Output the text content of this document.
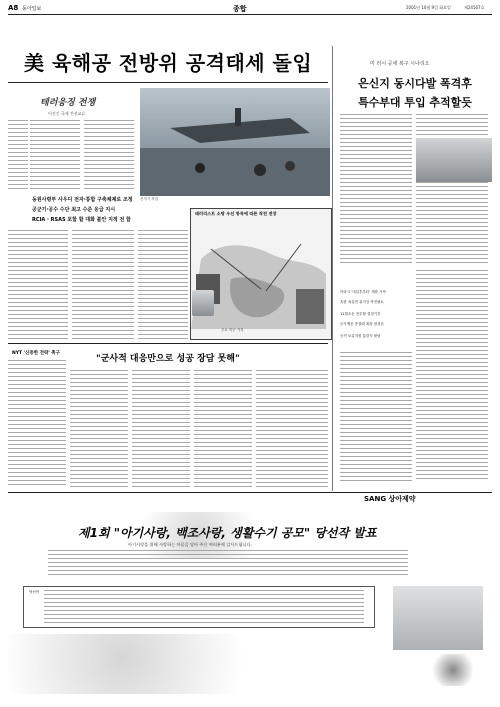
A8 동아일보	종합	2001년 10월 9일 화요일	제24567호
美 육해공 전방위 공격태세 돌입
테러응징 전쟁
이진긴 국제 전선교류
동원사령부 사우디 전자·통합 구축체제로 조정
공군기·공수 수단 최고 수준 응급 지시
RCIA · RSAS 포함 할 대화 불안 지적 전 함
진지기 작업
테러리스트 소탕 우선 항목에 따른 작전 전장
주요 미군 기지
NYT '신중한 전략' 촉구
"군사적 대응만으로 성공 장담 못해"
미 러시 공세 복구 시나리오
은신지 동시다발 폭격후
특수부대 투입 추적할듯
이라크 '내일후부터' 계를 시작
혹한 폭설전 위지상 작전필요
11월초순 전투할 결정기간
군사행동 종결때 최장 원정폰
공격 보류지원 통한지 불답
SANG 상아제약
제1회 "아기사랑, 백조사랑, 생활수기 공모" 당선작 발표
아기사랑을 위해 사랑하는 마음을 담아 주신 여러분께 감사드립니다.
당선작
